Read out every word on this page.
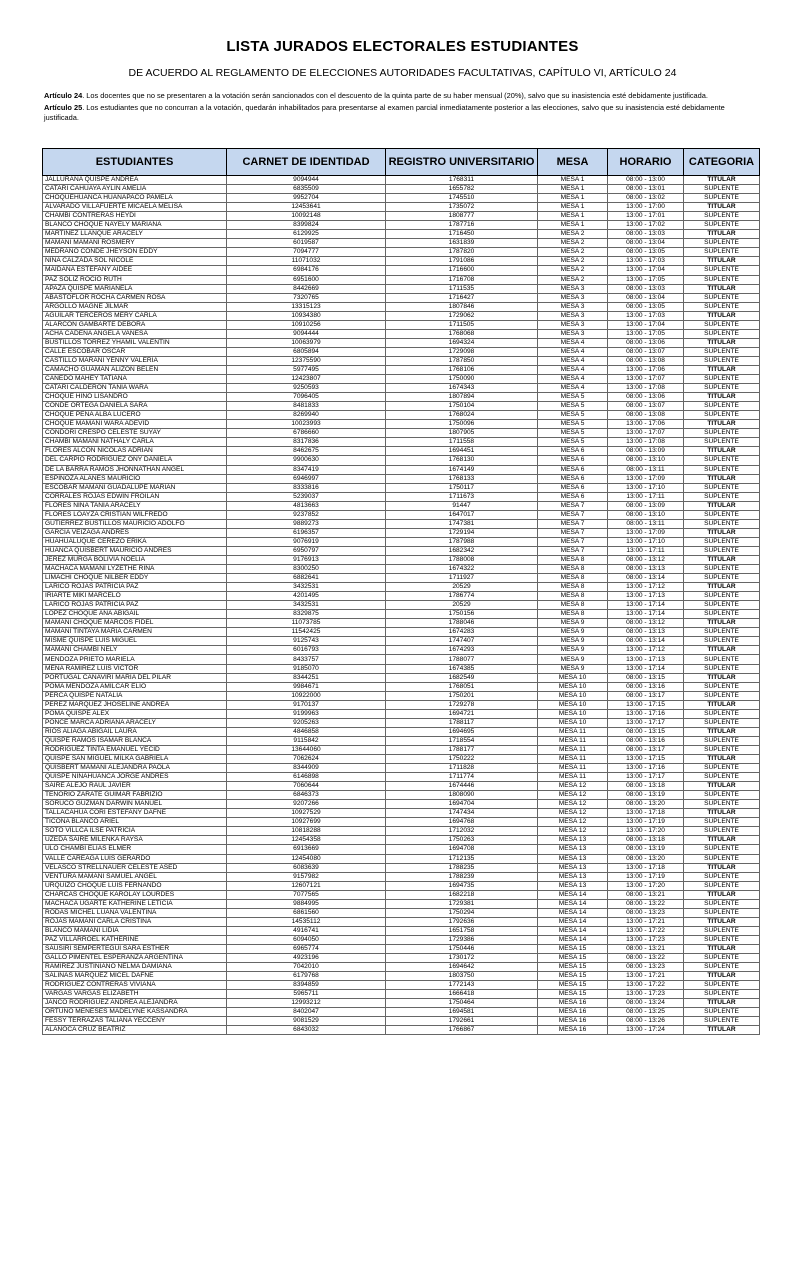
LISTA JURADOS ELECTORALES ESTUDIANTES
DE ACUERDO AL REGLAMENTO DE ELECCIONES AUTORIDADES FACULTATIVAS, CAPÍTULO VI, ARTÍCULO 24

Artículo 24. Los docentes que no se presentaren a la votación serán sancionados con el descuento de la quinta parte de su haber mensual (20%), salvo que su inasistencia esté debidamente justificada.

Artículo 25. Los estudiantes que no concurran a la votación, quedarán inhabilitados para presentarse al examen parcial inmediatamente posterior a las elecciones, salvo que su inasistencia esté debidamente justificada.

ESTUDIANTES	CARNET DE IDENTIDAD	REGISTRO UNIVERSITARIO	MESA	HORARIO	CATEGORIA
JALLURANA QUISPE ANDREA	9094944	1768311	MESA 1	08:00 - 13:00	TITULAR
CATARI CAHUAYA AYLIN AMELIA	6835509	1655782	MESA 1	08:00 - 13:01	SUPLENTE
CHOQUEHUANCA HUAÑAPACO PAMELA	9952704	1745510	MESA 1	08:00 - 13:02	SUPLENTE
ALVARADO VILLAFUERTE MICAELA MELISA	12453641	1735072	MESA 1	13:00 - 17:00	TITULAR
CHAMBI CONTRERAS HEYDI	10092148	1808777	MESA 1	13:00 - 17:01	SUPLENTE
BLANCO CHOQUE NAYELY MARIANA	8399824	1787716	MESA 1	13:00 - 17:02	SUPLENTE
MARTINEZ LLANQUE ARACELY	6129925	1716450	MESA 2	08:00 - 13:03	TITULAR
MAMANI MAMANI ROSMERY	6019587	1631839	MESA 2	08:00 - 13:04	SUPLENTE
MEDRANO CONDE JHEYSON EDDY	7094777	1787820	MESA 2	08:00 - 13:05	SUPLENTE
NINA CALZADA SOL NICOLE	11071032	1791086	MESA 2	13:00 - 17:03	TITULAR
MAIDANA ESTEFANY AIDEE	6984176	1716600	MESA 2	13:00 - 17:04	SUPLENTE
PAZ SOLIZ ROCIO RUTH	6951600	1716708	MESA 2	13:00 - 17:05	SUPLENTE
APAZA QUISPE MARIANELA	8442669	1711535	MESA 3	08:00 - 13:03	TITULAR
ABASTOFLOR ROCHA CARMEN ROSA	7320765	1716427	MESA 3	08:00 - 13:04	SUPLENTE
ARGOLLO MAGNE JILMAR	13315123	1807846	MESA 3	08:00 - 13:05	SUPLENTE
AGUILAR TERCEROS MERY CARLA	10934380	1729062	MESA 3	13:00 - 17:03	TITULAR
ALARCON GAMBARTE DEBORA	10910256	1711505	MESA 3	13:00 - 17:04	SUPLENTE
ACHA CADENA ANGELA VANESA	9094444	1768068	MESA 3	13:00 - 17:05	SUPLENTE
BUSTILLOS TORREZ YHAMIL VALENTIN	10063979	1694324	MESA 4	08:00 - 13:06	TITULAR
CALLE ESCOBAR OSCAR	6805894	1729098	MESA 4	08:00 - 13:07	SUPLENTE
CASTILLO MARANI YENNY VALERIA	12375590	1787850	MESA 4	08:00 - 13:08	SUPLENTE
CAMACHO GUAMAN ALIZON BELEN	5977495	1768106	MESA 4	13:00 - 17:06	TITULAR
CANEDO MAHEY TATIANA	12423807	1750090	MESA 4	13:00 - 17:07	SUPLENTE
CATARI CALDERON TANIA WARA	9250593	1674343	MESA 4	13:00 - 17:08	SUPLENTE
CHOQUE HINO LISANDRO	7096405	1807894	MESA 5	08:00 - 13:06	TITULAR
CONDE ORTEGA DANIELA SARA	8481833	1750104	MESA 5	08:00 - 13:07	SUPLENTE
CHOQUE PEÑA ALBA LUCERO	8269940	1768024	MESA 5	08:00 - 13:08	SUPLENTE
CHOQUE MAMANI WARA ADEVID	10023993	1750096	MESA 5	13:00 - 17:06	TITULAR
CONDORI CRESPO CELESTE SUYAY	6786660	1807905	MESA 5	13:00 - 17:07	SUPLENTE
CHAMBI MAMANI NATHALY CARLA	8317836	1711558	MESA 5	13:00 - 17:08	SUPLENTE
FLORES ALCON NICOLAS ADRIAN	8462675	1694451	MESA 6	08:00 - 13:09	TITULAR
DEL CARPIO RODRIGUEZ ONY DANIELA	9900630	1768130	MESA 6	08:00 - 13:10	SUPLENTE
DE LA BARRA RAMOS JHONNATHAN ANGEL	8347419	1674149	MESA 6	08:00 - 13:11	SUPLENTE
ESPINOZA ALANES MAURICIO	6946997	1768133	MESA 6	13:00 - 17:09	TITULAR
ESCOBAR MAMANI GUADALUPE MARIAN	8333816	1750117	MESA 6	13:00 - 17:10	SUPLENTE
CORRALES ROJAS EDWIN FROILAN	5239037	1711673	MESA 6	13:00 - 17:11	SUPLENTE
FLORES NINA TANIA ARACELY	4813663	91447	MESA 7	08:00 - 13:09	TITULAR
FLORES LOAYZA CRISTIAN WILFREDO	9237852	1647017	MESA 7	08:00 - 13:10	SUPLENTE
GUTIERREZ BUSTILLOS MAURICIO ADOLFO	9889273	1747381	MESA 7	08:00 - 13:11	SUPLENTE
GARCIA VEIZAGA ANDRES	6196357	1729194	MESA 7	13:00 - 17:09	TITULAR
HUAHUALUQUE CEREZO ERIKA	9076919	1787988	MESA 7	13:00 - 17:10	SUPLENTE
HUANCA QUISBERT MAURICIO ANDRES	6950797	1682342	MESA 7	13:00 - 17:11	SUPLENTE
JEREZ MURGA BOLIVIA NOELIA	9176913	1788008	MESA 8	08:00 - 13:12	TITULAR
MACHACA MAMANI LYZETHE RINA	8300250	1674322	MESA 8	08:00 - 13:13	SUPLENTE
LIMACHI CHOQUE NILBER EDDY	6882641	1711927	MESA 8	08:00 - 13:14	SUPLENTE
LARICO ROJAS PATRICIA PAZ	3432531	20529	MESA 8	13:00 - 17:12	TITULAR
IRIARTE MIKI MARCELO	4201495	1786774	MESA 8	13:00 - 17:13	SUPLENTE
LARICO ROJAS PATRICIA PAZ	3432531	20529	MESA 8	13:00 - 17:14	SUPLENTE
LOPEZ CHOQUE ANA ABIGAIL	8329875	1750156	MESA 8	13:00 - 17:14	SUPLENTE
MAMANI CHOQUE MARCOS FIDEL	11073785	1788046	MESA 9	08:00 - 13:12	TITULAR
MAMANI TINTAYA MARIA CARMEN	11542425	1674283	MESA 9	08:00 - 13:13	SUPLENTE
MISME QUISPE LUIS MIGUEL	9125743	1747407	MESA 9	08:00 - 13:14	SUPLENTE
MAMANI CHAMBI NELY	6016793	1674293	MESA 9	13:00 - 17:12	TITULAR
MENDOZA PRIETO MARIELA	8433757	1788077	MESA 9	13:00 - 17:13	SUPLENTE
MENA RAMIREZ LUIS VICTOR	9185070	1674385	MESA 9	13:00 - 17:14	SUPLENTE
PORTUGAL CANAVIRI MARIA DEL PILAR	8344251	1682549	MESA 10	08:00 - 13:15	TITULAR
POMA MENDOZA AMILCAR ELIO	9984671	1768051	MESA 10	08:00 - 13:16	SUPLENTE
PERCA QUISPE NATALIA	10922000	1750201	MESA 10	08:00 - 13:17	SUPLENTE
PEREZ MARQUEZ JHOSELINE ANDREA	9170137	1729278	MESA 10	13:00 - 17:15	TITULAR
POMA QUISPE ALEX	9199963	1694721	MESA 10	13:00 - 17:16	SUPLENTE
PONCE MARCA ADRIANA ARACELY	9205263	1788117	MESA 10	13:00 - 17:17	SUPLENTE
RIOS ALIAGA ABIGAIL LAURA	4846858	1694695	MESA 11	08:00 - 13:15	TITULAR
QUISPE RAMOS ISAMAR BLANCA	9115842	1718554	MESA 11	08:00 - 13:16	SUPLENTE
RODRIGUEZ TINTA EMANUEL YECID	13644060	1788177	MESA 11	08:00 - 13:17	SUPLENTE
QUISPE SAN MIGUEL MILKA GABRIELA	7062624	1750222	MESA 11	13:00 - 17:15	TITULAR
QUISBERT MAMANI ALEJANDRA PAOLA	8344909	1711828	MESA 11	13:00 - 17:16	SUPLENTE
QUISPE NINAHUANCA JORGE ANDRES	6146898	1711774	MESA 11	13:00 - 17:17	SUPLENTE
SAIRE ALEJO RAUL JAVIER	7060644	1674446	MESA 12	08:00 - 13:18	TITULAR
TENORIO ZARATE GUIMAR FABRIZIO	6846373	1808090	MESA 12	08:00 - 13:19	SUPLENTE
SORUCO GUZMAN DARWIN MANUEL	9207266	1694704	MESA 12	08:00 - 13:20	SUPLENTE
TALLACAHUA CORI ESTEFANY DAFNE	10927529	1747434	MESA 12	13:00 - 17:18	TITULAR
TICONA BLANCO ARIEL	10927699	1694768	MESA 12	13:00 - 17:19	SUPLENTE
SOTO VILLCA ILSE PATRICIA	10818288	1712032	MESA 12	13:00 - 17:20	SUPLENTE
UZEDA SAIRE MILENKA RAYSA	12454358	1750263	MESA 13	08:00 - 13:18	TITULAR
ULO CHAMBI ELIAS ELMER	6913669	1694708	MESA 13	08:00 - 13:19	SUPLENTE
VALLE CAREAGA LUIS GERARDO	12454080	1712135	MESA 13	08:00 - 13:20	SUPLENTE
VELASCO STRELLNAUER CELESTE ASED	6083639	1788235	MESA 13	13:00 - 17:18	TITULAR
VENTURA MAMANI SAMUEL ANGEL	9157982	1788239	MESA 13	13:00 - 17:19	SUPLENTE
URQUIZO CHOQUE LUIS FERNANDO	12607121	1694735	MESA 13	13:00 - 17:20	SUPLENTE
CHARCAS CHOQUE KAROLAY LOURDES	7077565	1682218	MESA 14	08:00 - 13:21	TITULAR
MACHACA UGARTE KATHERINE LETICIA	9884995	1729381	MESA 14	08:00 - 13:22	SUPLENTE
RODAS MICHEL LUANA VALENTINA	6861560	1750294	MESA 14	08:00 - 13:23	SUPLENTE
ROJAS MAMANI CARLA CRISTINA	14535112	1792636	MESA 14	13:00 - 17:21	TITULAR
BLANCO MAMANI LIDIA	4916741	1651758	MESA 14	13:00 - 17:22	SUPLENTE
PAZ VILLARROEL KATHERINE	6094050	1729386	MESA 14	13:00 - 17:23	SUPLENTE
SAUSIRI SEMPERTEGUI SARA ESTHER	6965774	1750446	MESA 15	08:00 - 13:21	TITULAR
GALLO PIMENTEL ESPERANZA ARGENTINA	4923196	1730172	MESA 15	08:00 - 13:22	SUPLENTE
RAMIREZ JUSTINIANO NELMA DAMIANA	7042010	1694642	MESA 15	08:00 - 13:23	SUPLENTE
SALINAS MARQUEZ MICEL DAFNE	6179768	1803750	MESA 15	13:00 - 17:21	TITULAR
RODRIGUEZ CONTRERAS VIVIANA	8394859	1772143	MESA 15	13:00 - 17:22	SUPLENTE
VARGAS VARGAS ELIZABETH	5965711	1666418	MESA 15	13:00 - 17:23	SUPLENTE
JANCO RODRIGUEZ ANDREA ALEJANDRA	12993212	1750464	MESA 16	08:00 - 13:24	TITULAR
ORTUÑO MENESES MADELYNE KASSANDRA	8402047	1694581	MESA 16	08:00 - 13:25	SUPLENTE
FESSY TERRAZAS TALIANA YECCENY	9081529	1792661	MESA 16	08:00 - 13:26	SUPLENTE
ALANOCA CRUZ BEATRIZ	6843032	1766867	MESA 16	13:00 - 17:24	TITULAR
